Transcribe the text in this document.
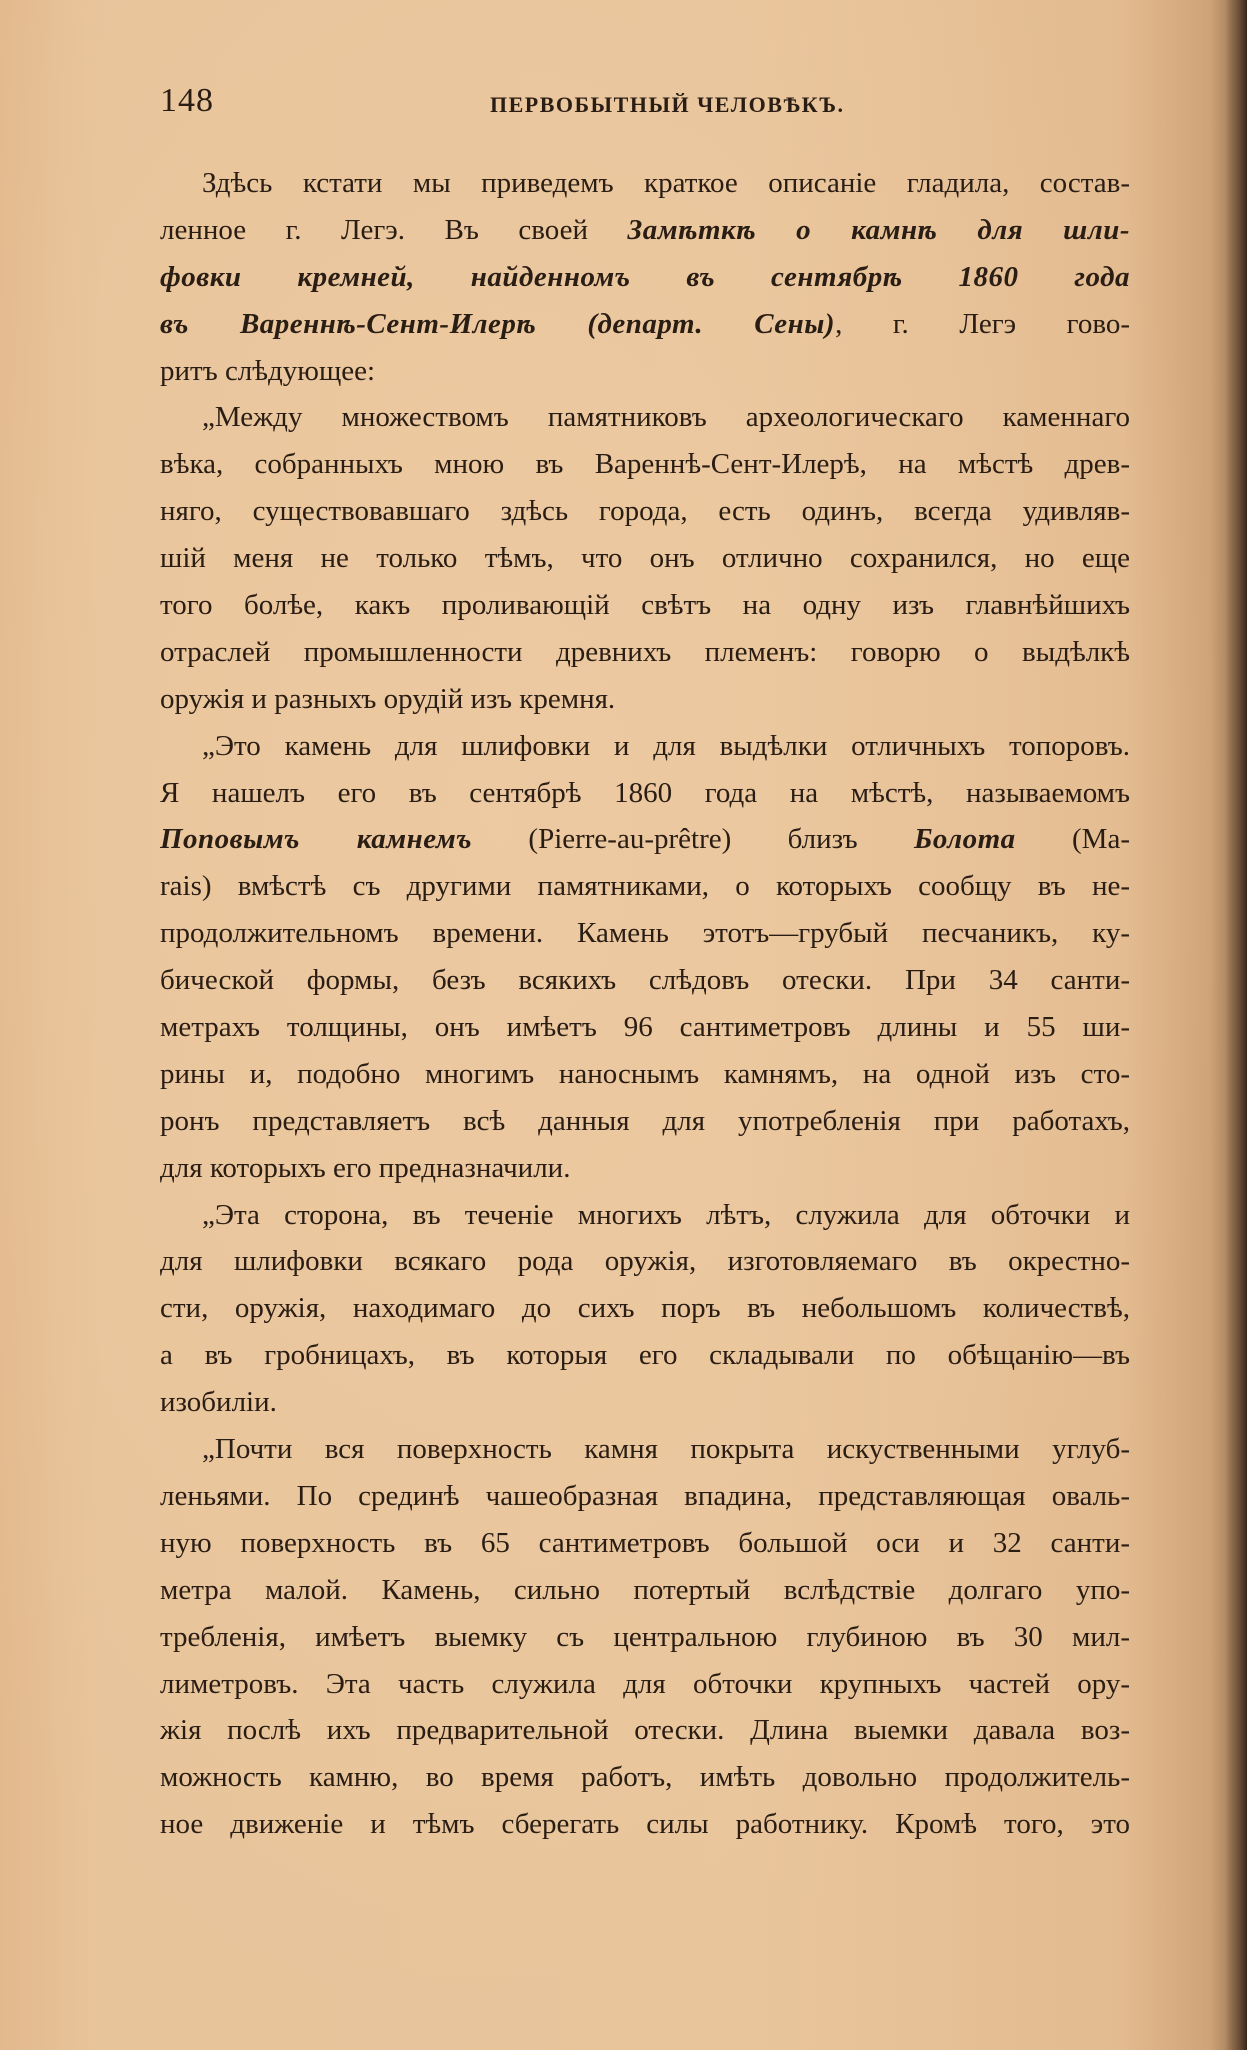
148	ПЕРВОБЫТНЫЙ ЧЕЛОВѢКЪ.
Здѣсь кстати мы приведемъ краткое описаніе гладила, состав-
ленное г. Легэ. Въ своей Замѣткѣ о камнѣ для шли-
фовки кремней, найденномъ въ сентябрѣ 1860 года
въ Вареннѣ-Сент-Илерѣ (департ. Сены), г. Легэ гово-
ритъ слѣдующее:
„Между множествомъ памятниковъ археологическаго каменнаго
вѣка, собранныхъ мною въ Вареннѣ-Сент-Илерѣ, на мѣстѣ древ-
няго, существовавшаго здѣсь города, есть одинъ, всегда удивляв-
шій меня не только тѣмъ, что онъ отлично сохранился, но еще
того болѣе, какъ проливающій свѣтъ на одну изъ главнѣйшихъ
отраслей промышленности древнихъ племенъ: говорю о выдѣлкѣ
оружія и разныхъ орудій изъ кремня.
„Это камень для шлифовки и для выдѣлки отличныхъ топоровъ.
Я нашелъ его въ сентябрѣ 1860 года на мѣстѣ, называемомъ
Поповымъ камнемъ (Pierre-au-prêtre) близъ Болота (Ma-
rais) вмѣстѣ съ другими памятниками, о которыхъ сообщу въ не-
продолжительномъ времени. Камень этотъ—грубый песчаникъ, ку-
бической формы, безъ всякихъ слѣдовъ отески. При 34 санти-
метрахъ толщины, онъ имѣетъ 96 сантиметровъ длины и 55 ши-
рины и, подобно многимъ наноснымъ камнямъ, на одной изъ сто-
ронъ представляетъ всѣ данныя для употребленія при работахъ,
для которыхъ его предназначили.
„Эта сторона, въ теченіе многихъ лѣтъ, служила для обточки и
для шлифовки всякаго рода оружія, изготовляемаго въ окрестно-
сти, оружія, находимаго до сихъ поръ въ небольшомъ количествѣ,
а въ гробницахъ, въ которыя его складывали по обѣщанію—въ
изобиліи.
„Почти вся поверхность камня покрыта искуственными углуб-
леньями. По срединѣ чашеобразная впадина, представляющая оваль-
ную поверхность въ 65 сантиметровъ большой оси и 32 санти-
метра малой. Камень, сильно потертый вслѣдствіе долгаго упо-
требленія, имѣетъ выемку съ центральною глубиною въ 30 мил-
лиметровъ. Эта часть служила для обточки крупныхъ частей ору-
жія послѣ ихъ предварительной отески. Длина выемки давала воз-
можность камню, во время работъ, имѣть довольно продолжитель-
ное движеніе и тѣмъ сберегать силы работнику. Кромѣ того, это
